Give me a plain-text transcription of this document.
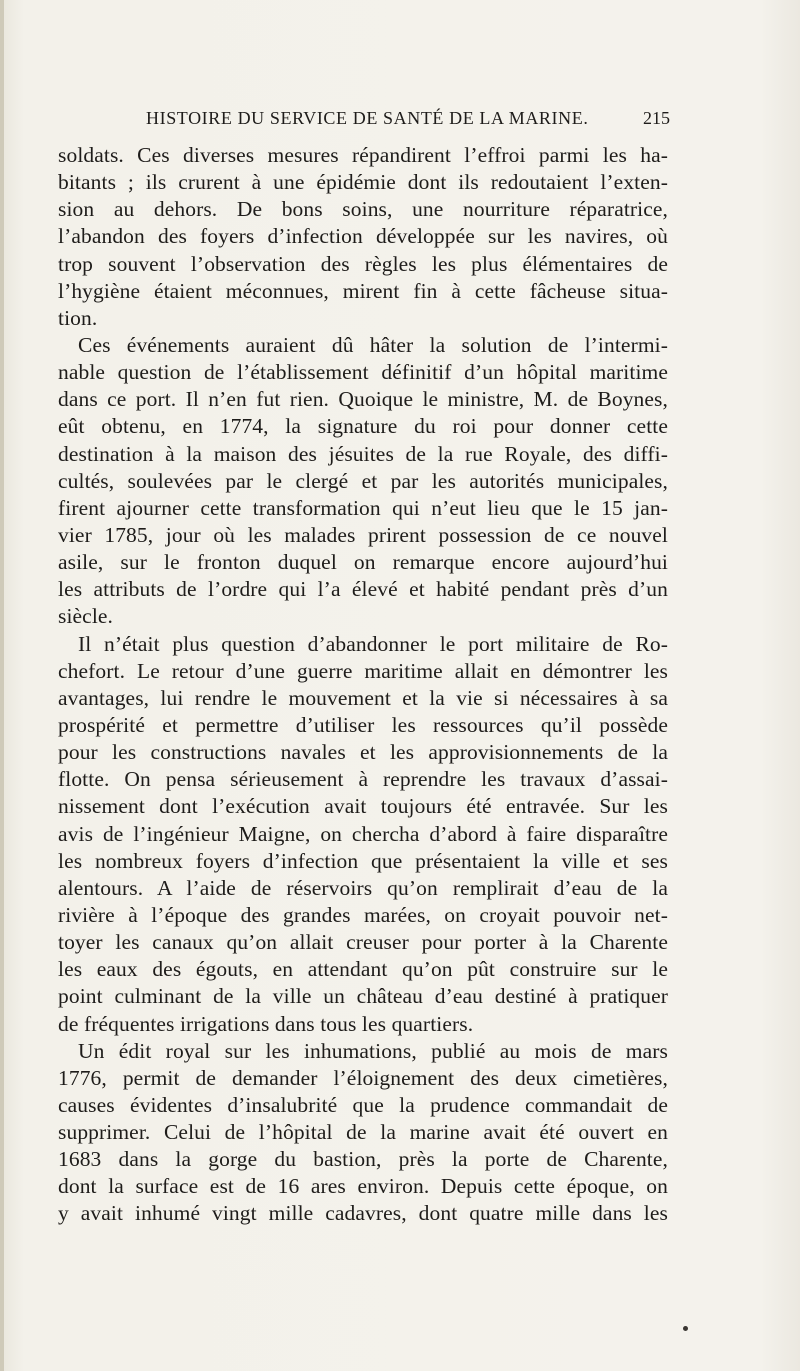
HISTOIRE DU SERVICE DE SANTÉ DE LA MARINE.	215
soldats. Ces diverses mesures répandirent l’effroi parmi les ha-
bitants ; ils crurent à une épidémie dont ils redoutaient l’exten-
sion au dehors. De bons soins, une nourriture réparatrice,
l’abandon des foyers d’infection développée sur les navires, où
trop souvent l’observation des règles les plus élémentaires de
l’hygiène étaient méconnues, mirent fin à cette fâcheuse situa-
tion.
Ces événements auraient dû hâter la solution de l’intermi-
nable question de l’établissement définitif d’un hôpital maritime
dans ce port. Il n’en fut rien. Quoique le ministre, M. de Boynes,
eût obtenu, en 1774, la signature du roi pour donner cette
destination à la maison des jésuites de la rue Royale, des diffi-
cultés, soulevées par le clergé et par les autorités municipales,
firent ajourner cette transformation qui n’eut lieu que le 15 jan-
vier 1785, jour où les malades prirent possession de ce nouvel
asile, sur le fronton duquel on remarque encore aujourd’hui
les attributs de l’ordre qui l’a élevé et habité pendant près d’un
siècle.
Il n’était plus question d’abandonner le port militaire de Ro-
chefort. Le retour d’une guerre maritime allait en démontrer les
avantages, lui rendre le mouvement et la vie si nécessaires à sa
prospérité et permettre d’utiliser les ressources qu’il possède
pour les constructions navales et les approvisionnements de la
flotte. On pensa sérieusement à reprendre les travaux d’assai-
nissement dont l’exécution avait toujours été entravée. Sur les
avis de l’ingénieur Maigne, on chercha d’abord à faire disparaître
les nombreux foyers d’infection que présentaient la ville et ses
alentours. A l’aide de réservoirs qu’on remplirait d’eau de la
rivière à l’époque des grandes marées, on croyait pouvoir net-
toyer les canaux qu’on allait creuser pour porter à la Charente
les eaux des égouts, en attendant qu’on pût construire sur le
point culminant de la ville un château d’eau destiné à pratiquer
de fréquentes irrigations dans tous les quartiers.
Un édit royal sur les inhumations, publié au mois de mars
1776, permit de demander l’éloignement des deux cimetières,
causes évidentes d’insalubrité que la prudence commandait de
supprimer. Celui de l’hôpital de la marine avait été ouvert en
1683 dans la gorge du bastion, près la porte de Charente,
dont la surface est de 16 ares environ. Depuis cette époque, on
y avait inhumé vingt mille cadavres, dont quatre mille dans les
